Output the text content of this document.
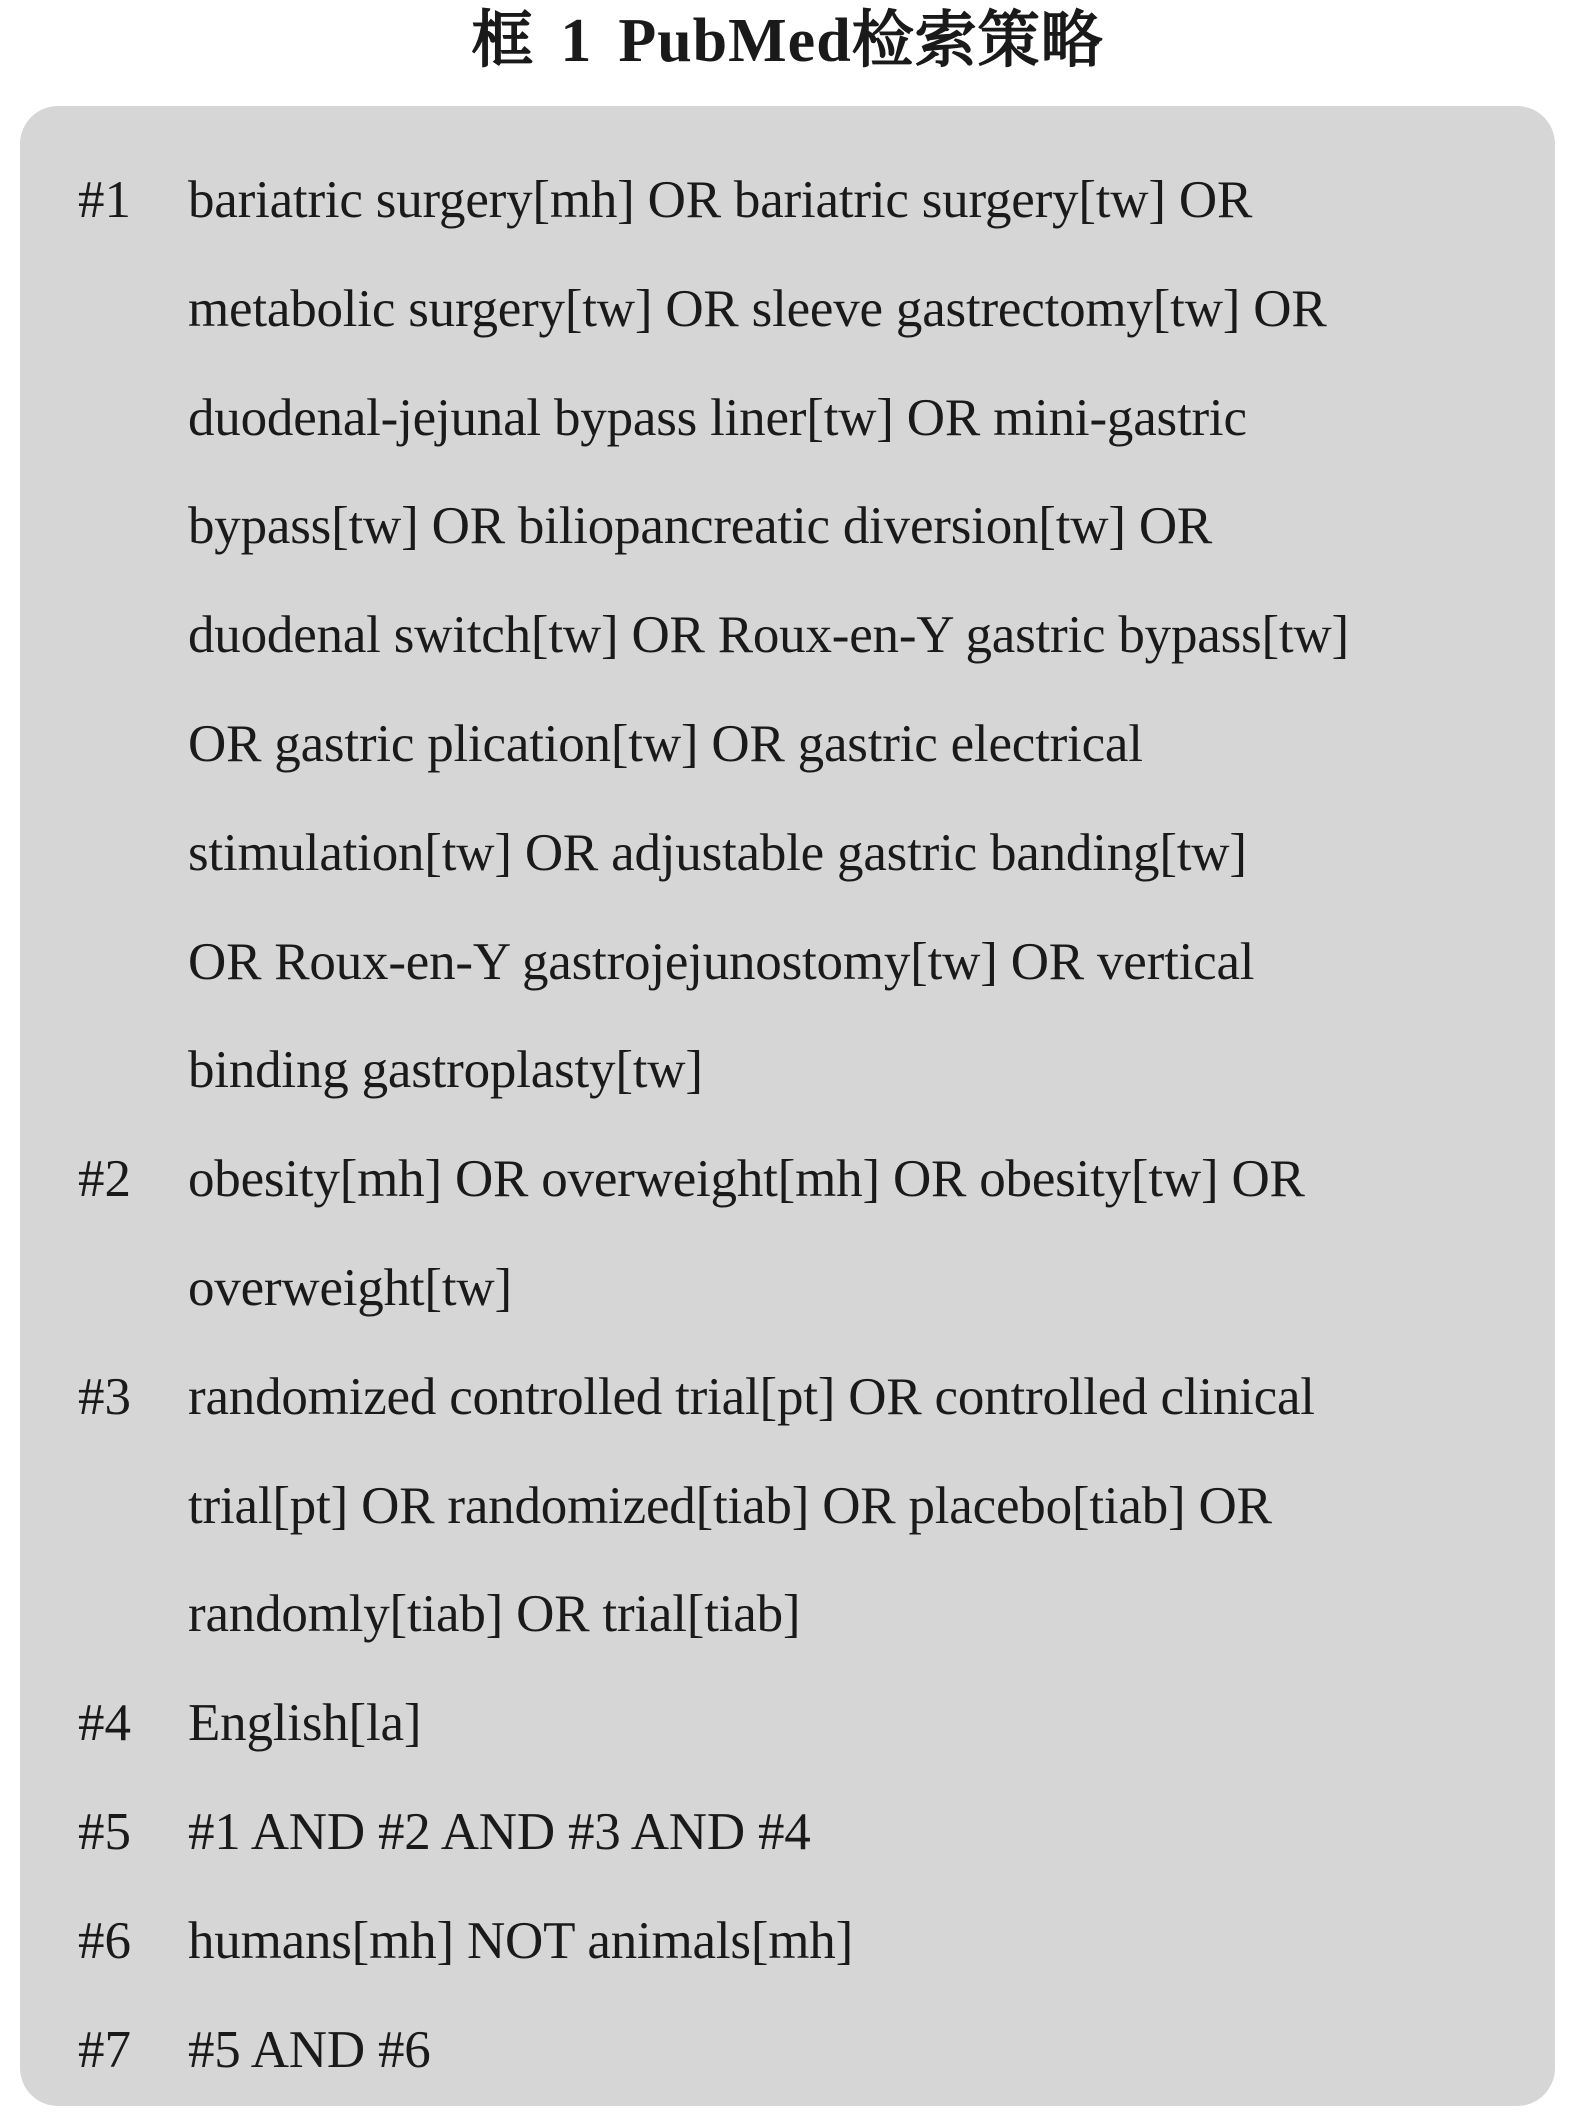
框 1 PubMed检索策略
#1	bariatric surgery[mh] OR bariatric surgery[tw] OR
metabolic surgery[tw] OR sleeve gastrectomy[tw] OR
duodenal-jejunal bypass liner[tw] OR mini-gastric
bypass[tw] OR biliopancreatic diversion[tw] OR
duodenal switch[tw] OR Roux-en-Y gastric bypass[tw]
OR gastric plication[tw] OR gastric electrical
stimulation[tw] OR adjustable gastric banding[tw]
OR Roux-en-Y gastrojejunostomy[tw] OR vertical
binding gastroplasty[tw]
#2	obesity[mh] OR overweight[mh] OR obesity[tw] OR
overweight[tw]
#3	randomized controlled trial[pt] OR controlled clinical
trial[pt] OR randomized[tiab] OR placebo[tiab] OR
randomly[tiab] OR trial[tiab]
#4	English[la]
#5	#1 AND #2 AND #3 AND #4
#6	humans[mh] NOT animals[mh]
#7	#5 AND #6
